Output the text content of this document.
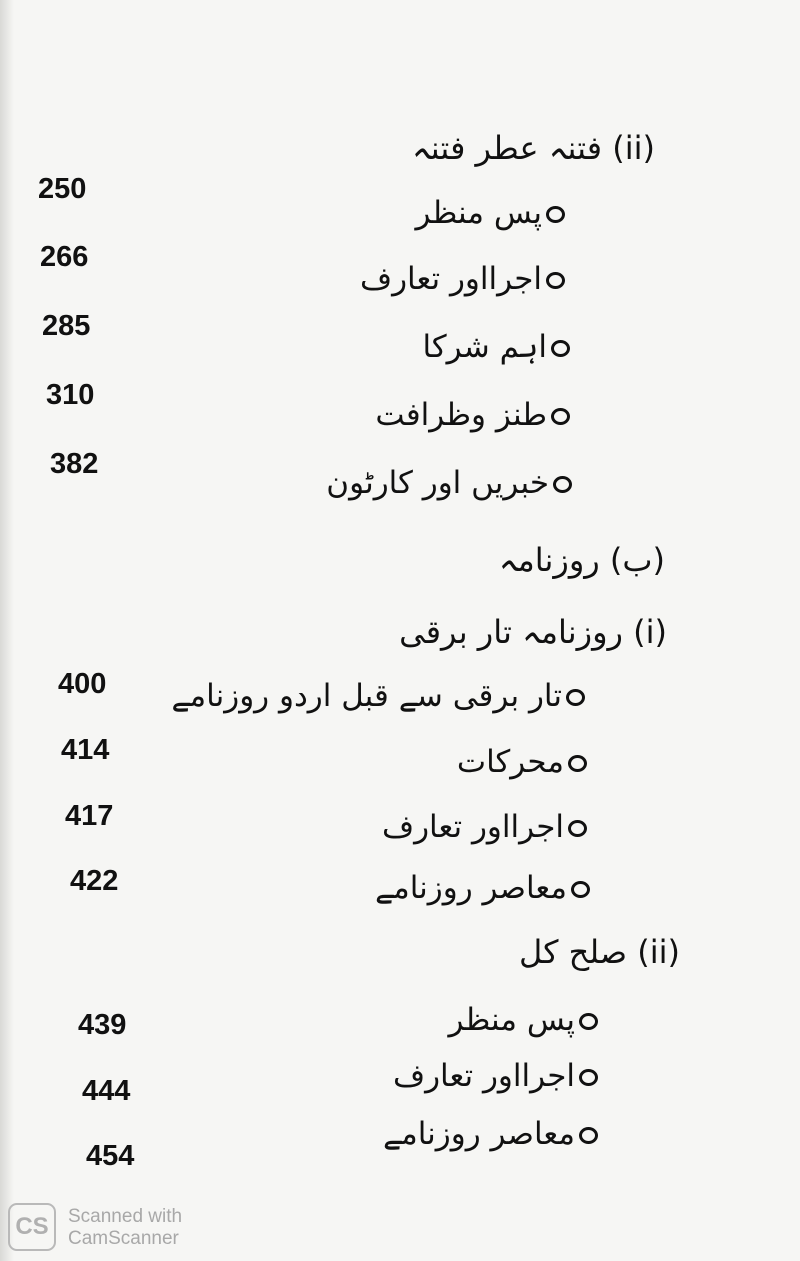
(ii) فتنہ عطر فتنہ
پس منظر
250
اجرااور تعارف
266
اہم شرکا
285
طنز وظرافت
310
خبریں اور کارٹون
382
(ب) روزنامہ
(i) روزنامہ تار برقی
تار برقی سے قبل اردو روزنامے
400
محرکات
414
اجرااور تعارف
417
معاصر روزنامے
422
(ii) صلح کل
پس منظر
439
اجرااور تعارف
444
معاصر روزنامے
454
CS	Scanned with
CamScanner
